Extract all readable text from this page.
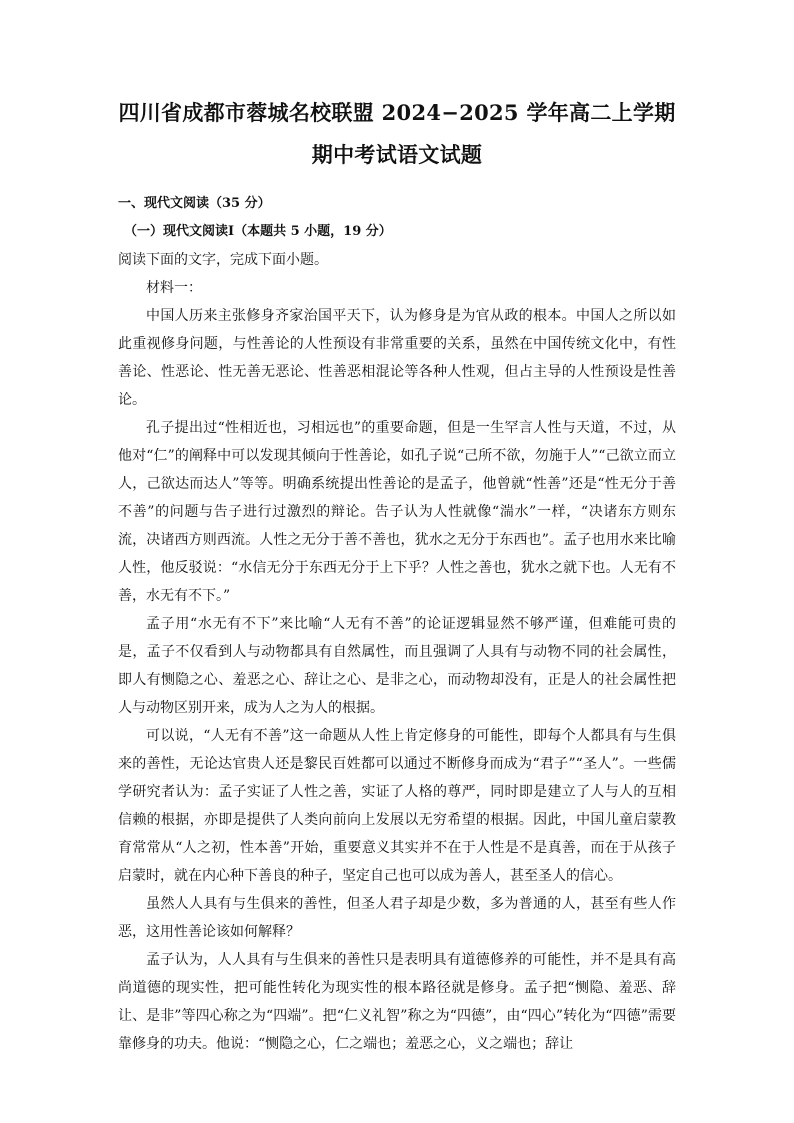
四川省成都市蓉城名校联盟 2024−2025 学年高二上学期
期中考试语文试题

一、现代文阅读（35 分）

（一）现代文阅读Ⅰ（本题共 5 小题，19 分）

阅读下面的文字，完成下面小题。

材料一：

中国人历来主张修身齐家治国平天下，认为修身是为官从政的根本。中国人之所以如此重视修身问题，与性善论的人性预设有非常重要的关系，虽然在中国传统文化中，有性善论、性恶论、性无善无恶论、性善恶相混论等各种人性观，但占主导的人性预设是性善论。

孔子提出过“性相近也，习相远也”的重要命题，但是一生罕言人性与天道，不过，从他对“仁”的阐释中可以发现其倾向于性善论，如孔子说“己所不欲，勿施于人”“己欲立而立人，己欲达而达人”等等。明确系统提出性善论的是孟子，他曾就“性善”还是“性无分于善不善”的问题与告子进行过激烈的辩论。告子认为人性就像“湍水”一样，“决诸东方则东流，决诸西方则西流。人性之无分于善不善也，犹水之无分于东西也”。孟子也用水来比喻人性，他反驳说：“水信无分于东西无分于上下乎？人性之善也，犹水之就下也。人无有不善，水无有不下。”

孟子用“水无有不下”来比喻“人无有不善”的论证逻辑显然不够严谨，但难能可贵的是，孟子不仅看到人与动物都具有自然属性，而且强调了人具有与动物不同的社会属性，即人有恻隐之心、羞恶之心、辞让之心、是非之心，而动物却没有，正是人的社会属性把人与动物区别开来，成为人之为人的根据。

可以说，“人无有不善”这一命题从人性上肯定修身的可能性，即每个人都具有与生俱来的善性，无论达官贵人还是黎民百姓都可以通过不断修身而成为“君子”“圣人”。一些儒学研究者认为：孟子实证了人性之善，实证了人格的尊严，同时即是建立了人与人的互相信赖的根据，亦即是提供了人类向前向上发展以无穷希望的根据。因此，中国儿童启蒙教育常常从“人之初，性本善”开始，重要意义其实并不在于人性是不是真善，而在于从孩子启蒙时，就在内心种下善良的种子，坚定自己也可以成为善人，甚至圣人的信心。

虽然人人具有与生俱来的善性，但圣人君子却是少数，多为普通的人，甚至有些人作恶，这用性善论该如何解释？

孟子认为，人人具有与生俱来的善性只是表明具有道德修养的可能性，并不是具有高尚道德的现实性，把可能性转化为现实性的根本路径就是修身。孟子把“恻隐、羞恶、辞让、是非”等四心称之为“四端”。把“仁义礼智”称之为“四德”，由“四心”转化为“四德”需要靠修身的功夫。他说：“恻隐之心，仁之端也；羞恶之心，义之端也；辞让
